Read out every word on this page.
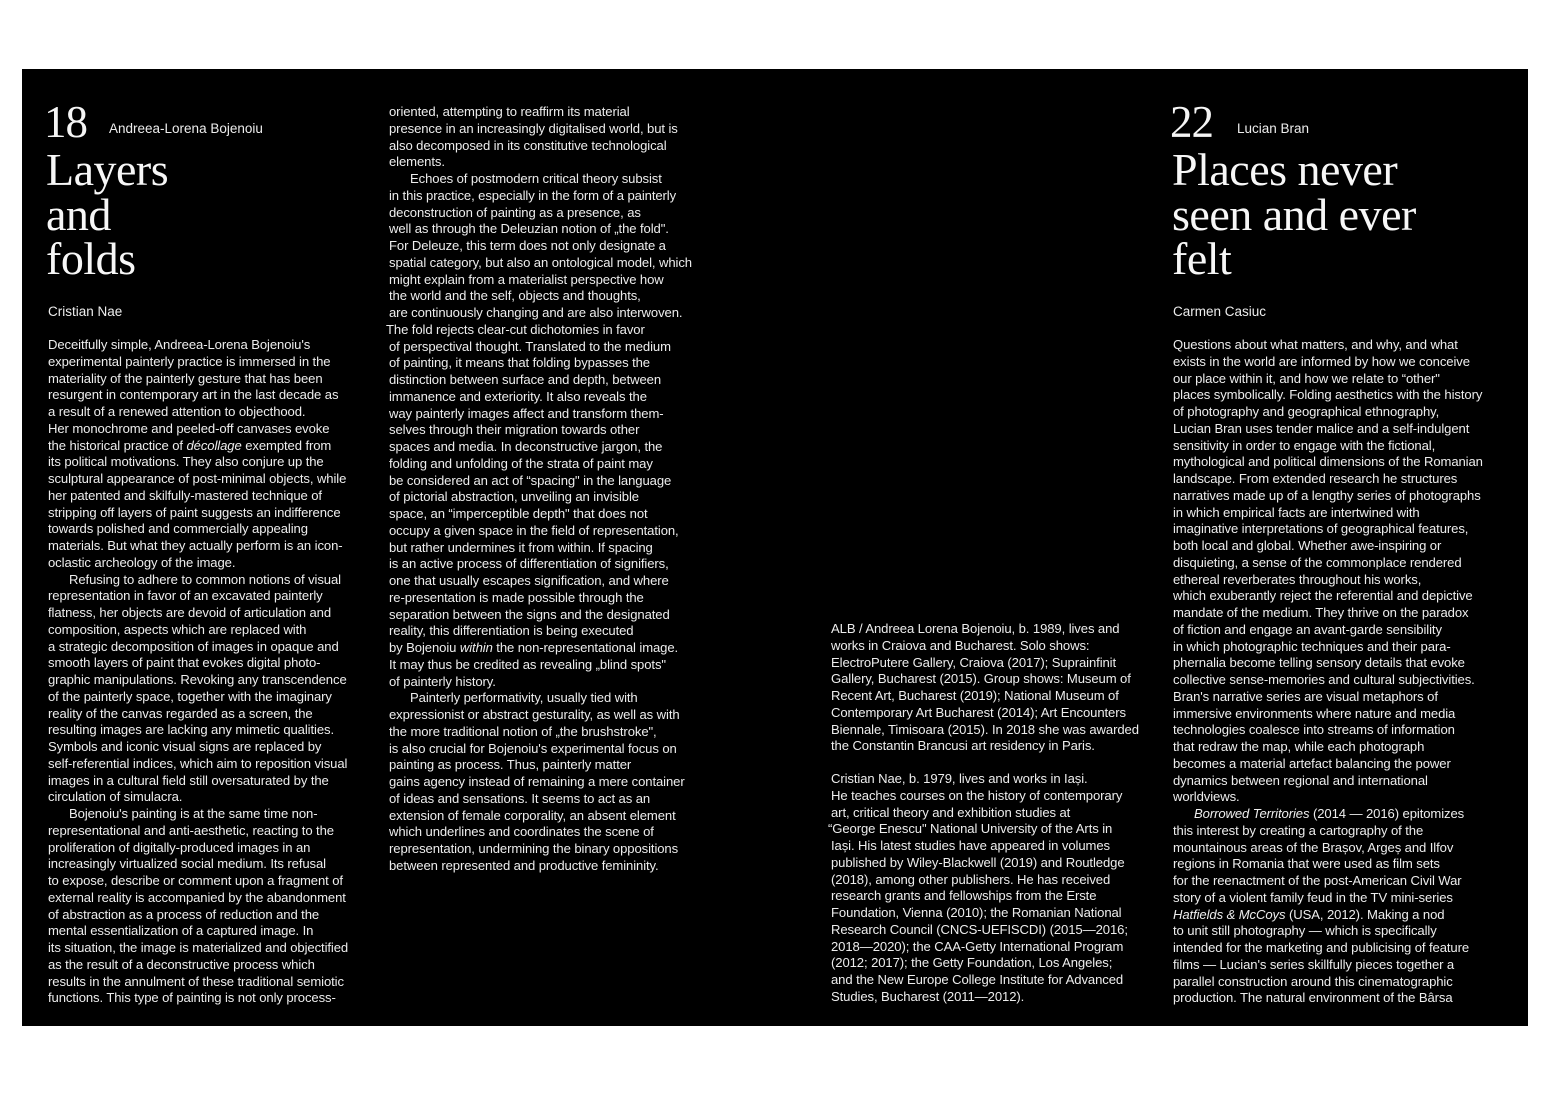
18 Andreea-Lorena Bojenoiu
Layers
and
folds
Cristian Nae
Deceitfully simple, Andreea-Lorena Bojenoiu's
experimental painterly practice is immersed in the
materiality of the painterly gesture that has been
resurgent in contemporary art in the last decade as
a result of a renewed attention to objecthood.
Her monochrome and peeled-off canvases evoke
the historical practice of décollage exempted from
its political motivations. They also conjure up the
sculptural appearance of post-minimal objects, while
her patented and skilfully-mastered technique of
stripping off layers of paint suggests an indifference
towards polished and commercially appealing
materials. But what they actually perform is an icon-
oclastic archeology of the image.
Refusing to adhere to common notions of visual
representation in favor of an excavated painterly
flatness, her objects are devoid of articulation and
composition, aspects which are replaced with
a strategic decomposition of images in opaque and
smooth layers of paint that evokes digital photo-
graphic manipulations. Revoking any transcendence
of the painterly space, together with the imaginary
reality of the canvas regarded as a screen, the
resulting images are lacking any mimetic qualities.
Symbols and iconic visual signs are replaced by
self-referential indices, which aim to reposition visual
images in a cultural field still oversaturated by the
circulation of simulacra.
Bojenoiu's painting is at the same time non-
representational and anti-aesthetic, reacting to the
proliferation of digitally-produced images in an
increasingly virtualized social medium. Its refusal
to expose, describe or comment upon a fragment of
external reality is accompanied by the abandonment
of abstraction as a process of reduction and the
mental essentialization of a captured image. In
its situation, the image is materialized and objectified
as the result of a deconstructive process which
results in the annulment of these traditional semiotic
functions. This type of painting is not only process-
oriented, attempting to reaffirm its material
presence in an increasingly digitalised world, but is
also decomposed in its constitutive technological
elements.
Echoes of postmodern critical theory subsist
in this practice, especially in the form of a painterly
deconstruction of painting as a presence, as
well as through the Deleuzian notion of „the fold".
For Deleuze, this term does not only designate a
spatial category, but also an ontological model, which
might explain from a materialist perspective how
the world and the self, objects and thoughts,
are continuously changing and are also interwoven.
The fold rejects clear-cut dichotomies in favor
of perspectival thought. Translated to the medium
of painting, it means that folding bypasses the
distinction between surface and depth, between
immanence and exteriority. It also reveals the
way painterly images affect and transform them-
selves through their migration towards other
spaces and media. In deconstructive jargon, the
folding and unfolding of the strata of paint may
be considered an act of “spacing" in the language
of pictorial abstraction, unveiling an invisible
space, an “imperceptible depth" that does not
occupy a given space in the field of representation,
but rather undermines it from within. If spacing
is an active process of differentiation of signifiers,
one that usually escapes signification, and where
re-presentation is made possible through the
separation between the signs and the designated
reality, this differentiation is being executed
by Bojenoiu within the non-representational image.
It may thus be credited as revealing „blind spots"
of painterly history.
Painterly performativity, usually tied with
expressionist or abstract gesturality, as well as with
the more traditional notion of „the brushstroke",
is also crucial for Bojenoiu's experimental focus on
painting as process. Thus, painterly matter
gains agency instead of remaining a mere container
of ideas and sensations. It seems to act as an
extension of female corporality, an absent element
which underlines and coordinates the scene of
representation, undermining the binary oppositions
between represented and productive femininity.
ALB / Andreea Lorena Bojenoiu, b. 1989, lives and
works in Craiova and Bucharest. Solo shows:
ElectroPutere Gallery, Craiova (2017); Suprainfinit
Gallery, Bucharest (2015). Group shows: Museum of
Recent Art, Bucharest (2019); National Museum of
Contemporary Art Bucharest (2014); Art Encounters
Biennale, Timisoara (2015). In 2018 she was awarded
the Constantin Brancusi art residency in Paris.
Cristian Nae, b. 1979, lives and works in Iași.
He teaches courses on the history of contemporary
art, critical theory and exhibition studies at
“George Enescu" National University of the Arts in
Iași. His latest studies have appeared in volumes
published by Wiley-Blackwell (2019) and Routledge
(2018), among other publishers. He has received
research grants and fellowships from the Erste
Foundation, Vienna (2010); the Romanian National
Research Council (CNCS-UEFISCDI) (2015—2016;
2018—2020); the CAA-Getty International Program
(2012; 2017); the Getty Foundation, Los Angeles;
and the New Europe College Institute for Advanced
Studies, Bucharest (2011—2012).
22 Lucian Bran
Places never
seen and ever
felt
Carmen Casiuc
Questions about what matters, and why, and what
exists in the world are informed by how we conceive
our place within it, and how we relate to “other"
places symbolically. Folding aesthetics with the history
of photography and geographical ethnography,
Lucian Bran uses tender malice and a self-indulgent
sensitivity in order to engage with the fictional,
mythological and political dimensions of the Romanian
landscape. From extended research he structures
narratives made up of a lengthy series of photographs
in which empirical facts are intertwined with
imaginative interpretations of geographical features,
both local and global. Whether awe-inspiring or
disquieting, a sense of the commonplace rendered
ethereal reverberates throughout his works,
which exuberantly reject the referential and depictive
mandate of the medium. They thrive on the paradox
of fiction and engage an avant-garde sensibility
in which photographic techniques and their para-
phernalia become telling sensory details that evoke
collective sense-memories and cultural subjectivities.
Bran's narrative series are visual metaphors of
immersive environments where nature and media
technologies coalesce into streams of information
that redraw the map, while each photograph
becomes a material artefact balancing the power
dynamics between regional and international
worldviews.
Borrowed Territories (2014 — 2016) epitomizes
this interest by creating a cartography of the
mountainous areas of the Brașov, Argeș and Ilfov
regions in Romania that were used as film sets
for the reenactment of the post-American Civil War
story of a violent family feud in the TV mini-series
Hatfields & McCoys (USA, 2012). Making a nod
to unit still photography — which is specifically
intended for the marketing and publicising of feature
films — Lucian's series skillfully pieces together a
parallel construction around this cinematographic
production. The natural environment of the Bârsa
